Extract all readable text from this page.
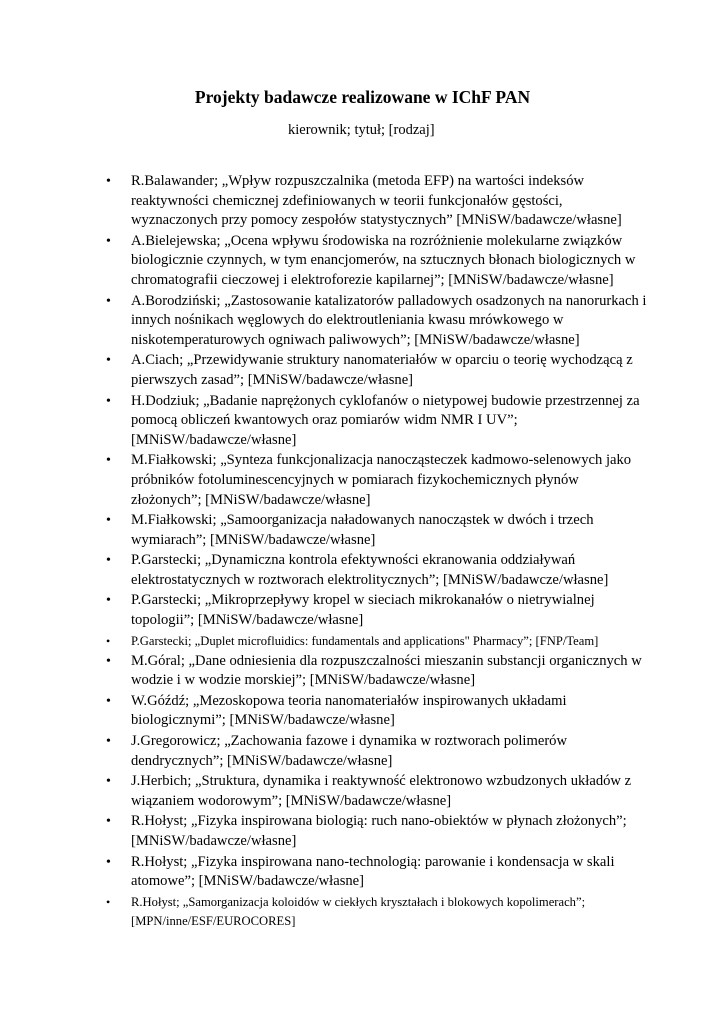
Projekty badawcze realizowane w IChF PAN
kierownik; tytuł; [rodzaj]
• R.Balawander; „Wpływ rozpuszczalnika (metoda EFP) na wartości indeksów reaktywności chemicznej zdefiniowanych w teorii funkcjonałów gęstości, wyznaczonych przy pomocy zespołów statystycznych” [MNiSW/badawcze/własne]
• A.Bielejewska; „Ocena wpływu środowiska na rozróżnienie molekularne związków biologicznie czynnych, w tym enancjomerów, na sztucznych błonach biologicznych w chromatografii cieczowej i elektroforezie kapilarnej”; [MNiSW/badawcze/własne]
• A.Borodziński; „Zastosowanie katalizatorów palladowych osadzonych na nanorurkach i innych nośnikach węglowych do elektroutleniania kwasu mrówkowego w niskotemperaturowych ogniwach paliwowych”; [MNiSW/badawcze/własne]
• A.Ciach; „Przewidywanie struktury nanomateriałów w oparciu o teorię wychodzącą z pierwszych zasad”; [MNiSW/badawcze/własne]
• H.Dodziuk; „Badanie naprężonych cyklofanów o nietypowej budowie przestrzennej za pomocą obliczeń kwantowych oraz pomiarów widm NMR I UV”; [MNiSW/badawcze/własne]
• M.Fiałkowski; „Synteza funkcjonalizacja nanocząsteczek kadmowo-selenowych jako próbników fotoluminescencyjnych w pomiarach fizykochemicznych płynów złożonych”; [MNiSW/badawcze/własne]
• M.Fiałkowski; „Samoorganizacja naładowanych nanocząstek w dwóch i trzech wymiarach”; [MNiSW/badawcze/własne]
• P.Garstecki; „Dynamiczna kontrola efektywności ekranowania oddziaływań elektrostatycznych w roztworach elektrolitycznych”; [MNiSW/badawcze/własne]
• P.Garstecki; „Mikroprzepływy kropel w sieciach mikrokanałów o nietrywialnej topologii”; [MNiSW/badawcze/własne]
• P.Garstecki; „Duplet microfluidics: fundamentals and applications" Pharmacy”; [FNP/Team]
• M.Góral; „Dane odniesienia dla rozpuszczalności mieszanin substancji organicznych w wodzie i w wodzie morskiej”; [MNiSW/badawcze/własne]
• W.Góźdź; „Mezoskopowa teoria nanomateriałów inspirowanych układami biologicznymi”; [MNiSW/badawcze/własne]
• J.Gregorowicz; „Zachowania fazowe i dynamika w roztworach polimerów dendrycznych”; [MNiSW/badawcze/własne]
• J.Herbich; „Struktura, dynamika i reaktywność elektronowo wzbudzonych układów z wiązaniem wodorowym”; [MNiSW/badawcze/własne]
• R.Hołyst; „Fizyka inspirowana biologią: ruch nano-obiektów w płynach złożonych”; [MNiSW/badawcze/własne]
• R.Hołyst; „Fizyka inspirowana nano-technologią: parowanie i kondensacja w skali atomowe”; [MNiSW/badawcze/własne]
• R.Hołyst; „Samorganizacja koloidów w ciekłych kryształach i blokowych kopolimerach”; [MPN/inne/ESF/EUROCORES]
